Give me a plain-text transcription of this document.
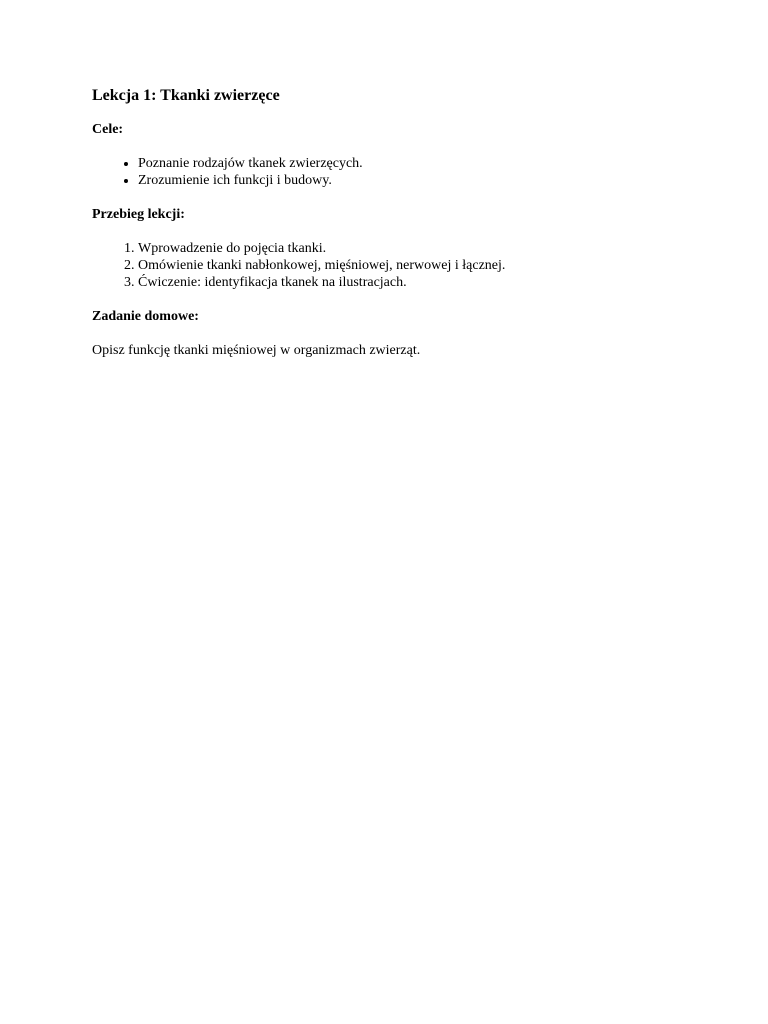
Lekcja 1: Tkanki zwierzęce
Cele:
• Poznanie rodzajów tkanek zwierzęcych.
• Zrozumienie ich funkcji i budowy.
Przebieg lekcji:
1. Wprowadzenie do pojęcia tkanki.
2. Omówienie tkanki nabłonkowej, mięśniowej, nerwowej i łącznej.
3. Ćwiczenie: identyfikacja tkanek na ilustracjach.
Zadanie domowe:

Opisz funkcję tkanki mięśniowej w organizmach zwierząt.
